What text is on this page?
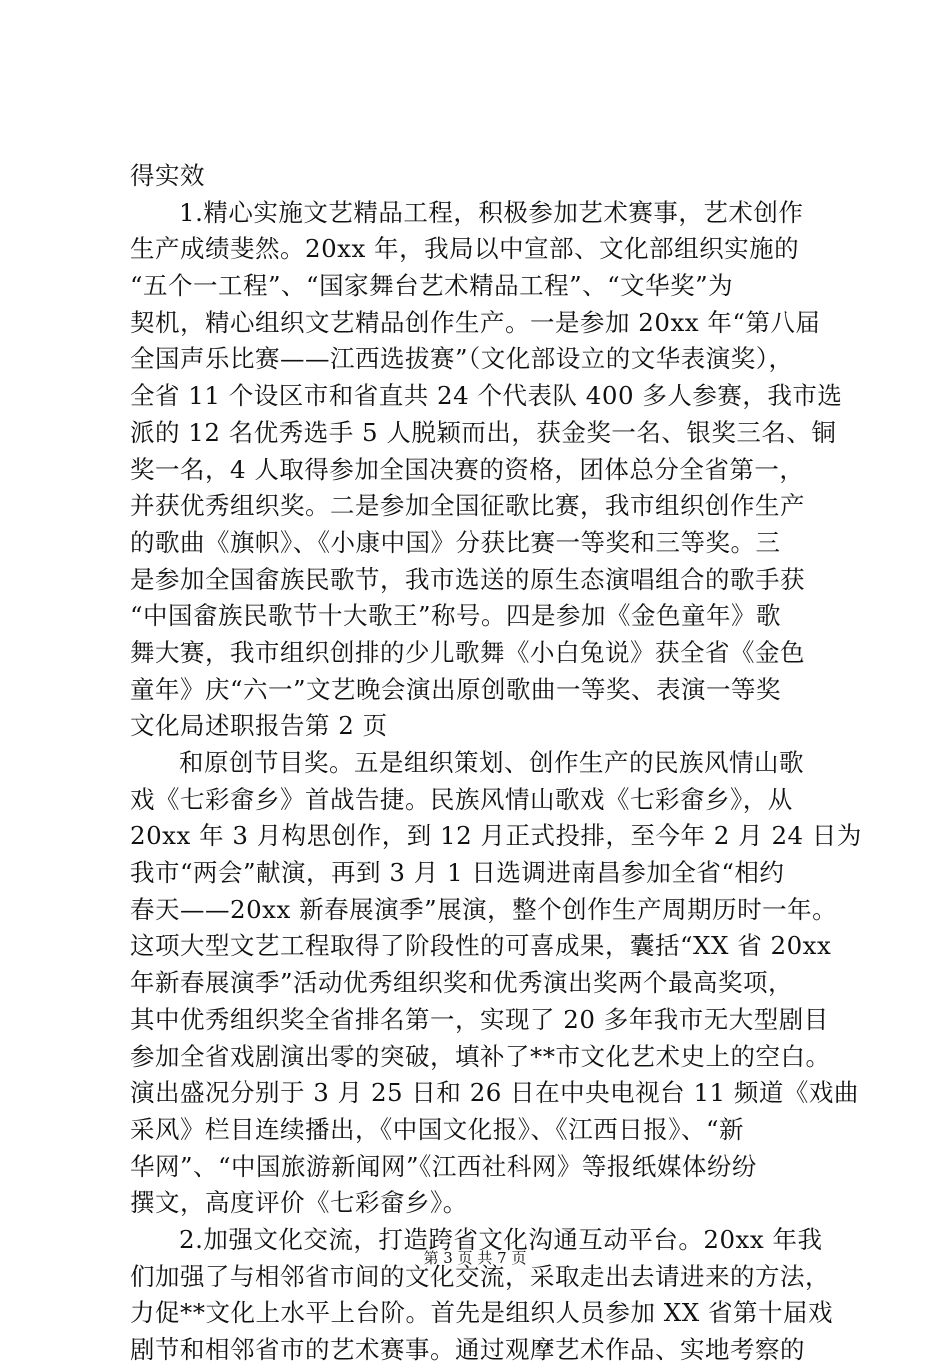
得实效
1.精心实施文艺精品工程，积极参加艺术赛事，艺术创作
生产成绩斐然。20xx 年，我局以中宣部、文化部组织实施的
“五个一工程”、“国家舞台艺术精品工程”、“文华奖”为
契机，精心组织文艺精品创作生产。一是参加 20xx 年“第八届
全国声乐比赛——江西选拔赛”（文化部设立的文华表演奖），
全省 11 个设区市和省直共 24 个代表队 400 多人参赛，我市选
派的 12 名优秀选手 5 人脱颖而出，获金奖一名、银奖三名、铜
奖一名，4 人取得参加全国决赛的资格，团体总分全省第一，
并获优秀组织奖。二是参加全国征歌比赛，我市组织创作生产
的歌曲《旗帜》、《小康中国》分获比赛一等奖和三等奖。三
是参加全国畲族民歌节，我市选送的原生态演唱组合的歌手获
“中国畲族民歌节十大歌王”称号。四是参加《金色童年》歌
舞大赛，我市组织创排的少儿歌舞《小白兔说》获全省《金色
童年》庆“六一”文艺晚会演出原创歌曲一等奖、表演一等奖
文化局述职报告第 2 页
和原创节目奖。五是组织策划、创作生产的民族风情山歌
戏《七彩畲乡》首战告捷。民族风情山歌戏《七彩畲乡》，从
20xx 年 3 月构思创作，到 12 月正式投排，至今年 2 月 24 日为
我市“两会”献演，再到 3 月 1 日选调进南昌参加全省“相约
春天——20xx 新春展演季”展演，整个创作生产周期历时一年。
这项大型文艺工程取得了阶段性的可喜成果，囊括“XX 省 20xx
年新春展演季”活动优秀组织奖和优秀演出奖两个最高奖项，
其中优秀组织奖全省排名第一，实现了 20 多年我市无大型剧目
参加全省戏剧演出零的突破，填补了**市文化艺术史上的空白。
演出盛况分别于 3 月 25 日和 26 日在中央电视台 11 频道《戏曲
采风》栏目连续播出，《中国文化报》、《江西日报》、“新
华网”、“中国旅游新闻网”《江西社科网》等报纸媒体纷纷
撰文，高度评价《七彩畲乡》。
2.加强文化交流，打造跨省文化沟通互动平台。20xx 年我
们加强了与相邻省市间的文化交流，采取走出去请进来的方法，
力促**文化上水平上台阶。首先是组织人员参加 XX 省第十届戏
剧节和相邻省市的艺术赛事。通过观摩艺术作品、实地考察的
第 3 页 共 7 页
